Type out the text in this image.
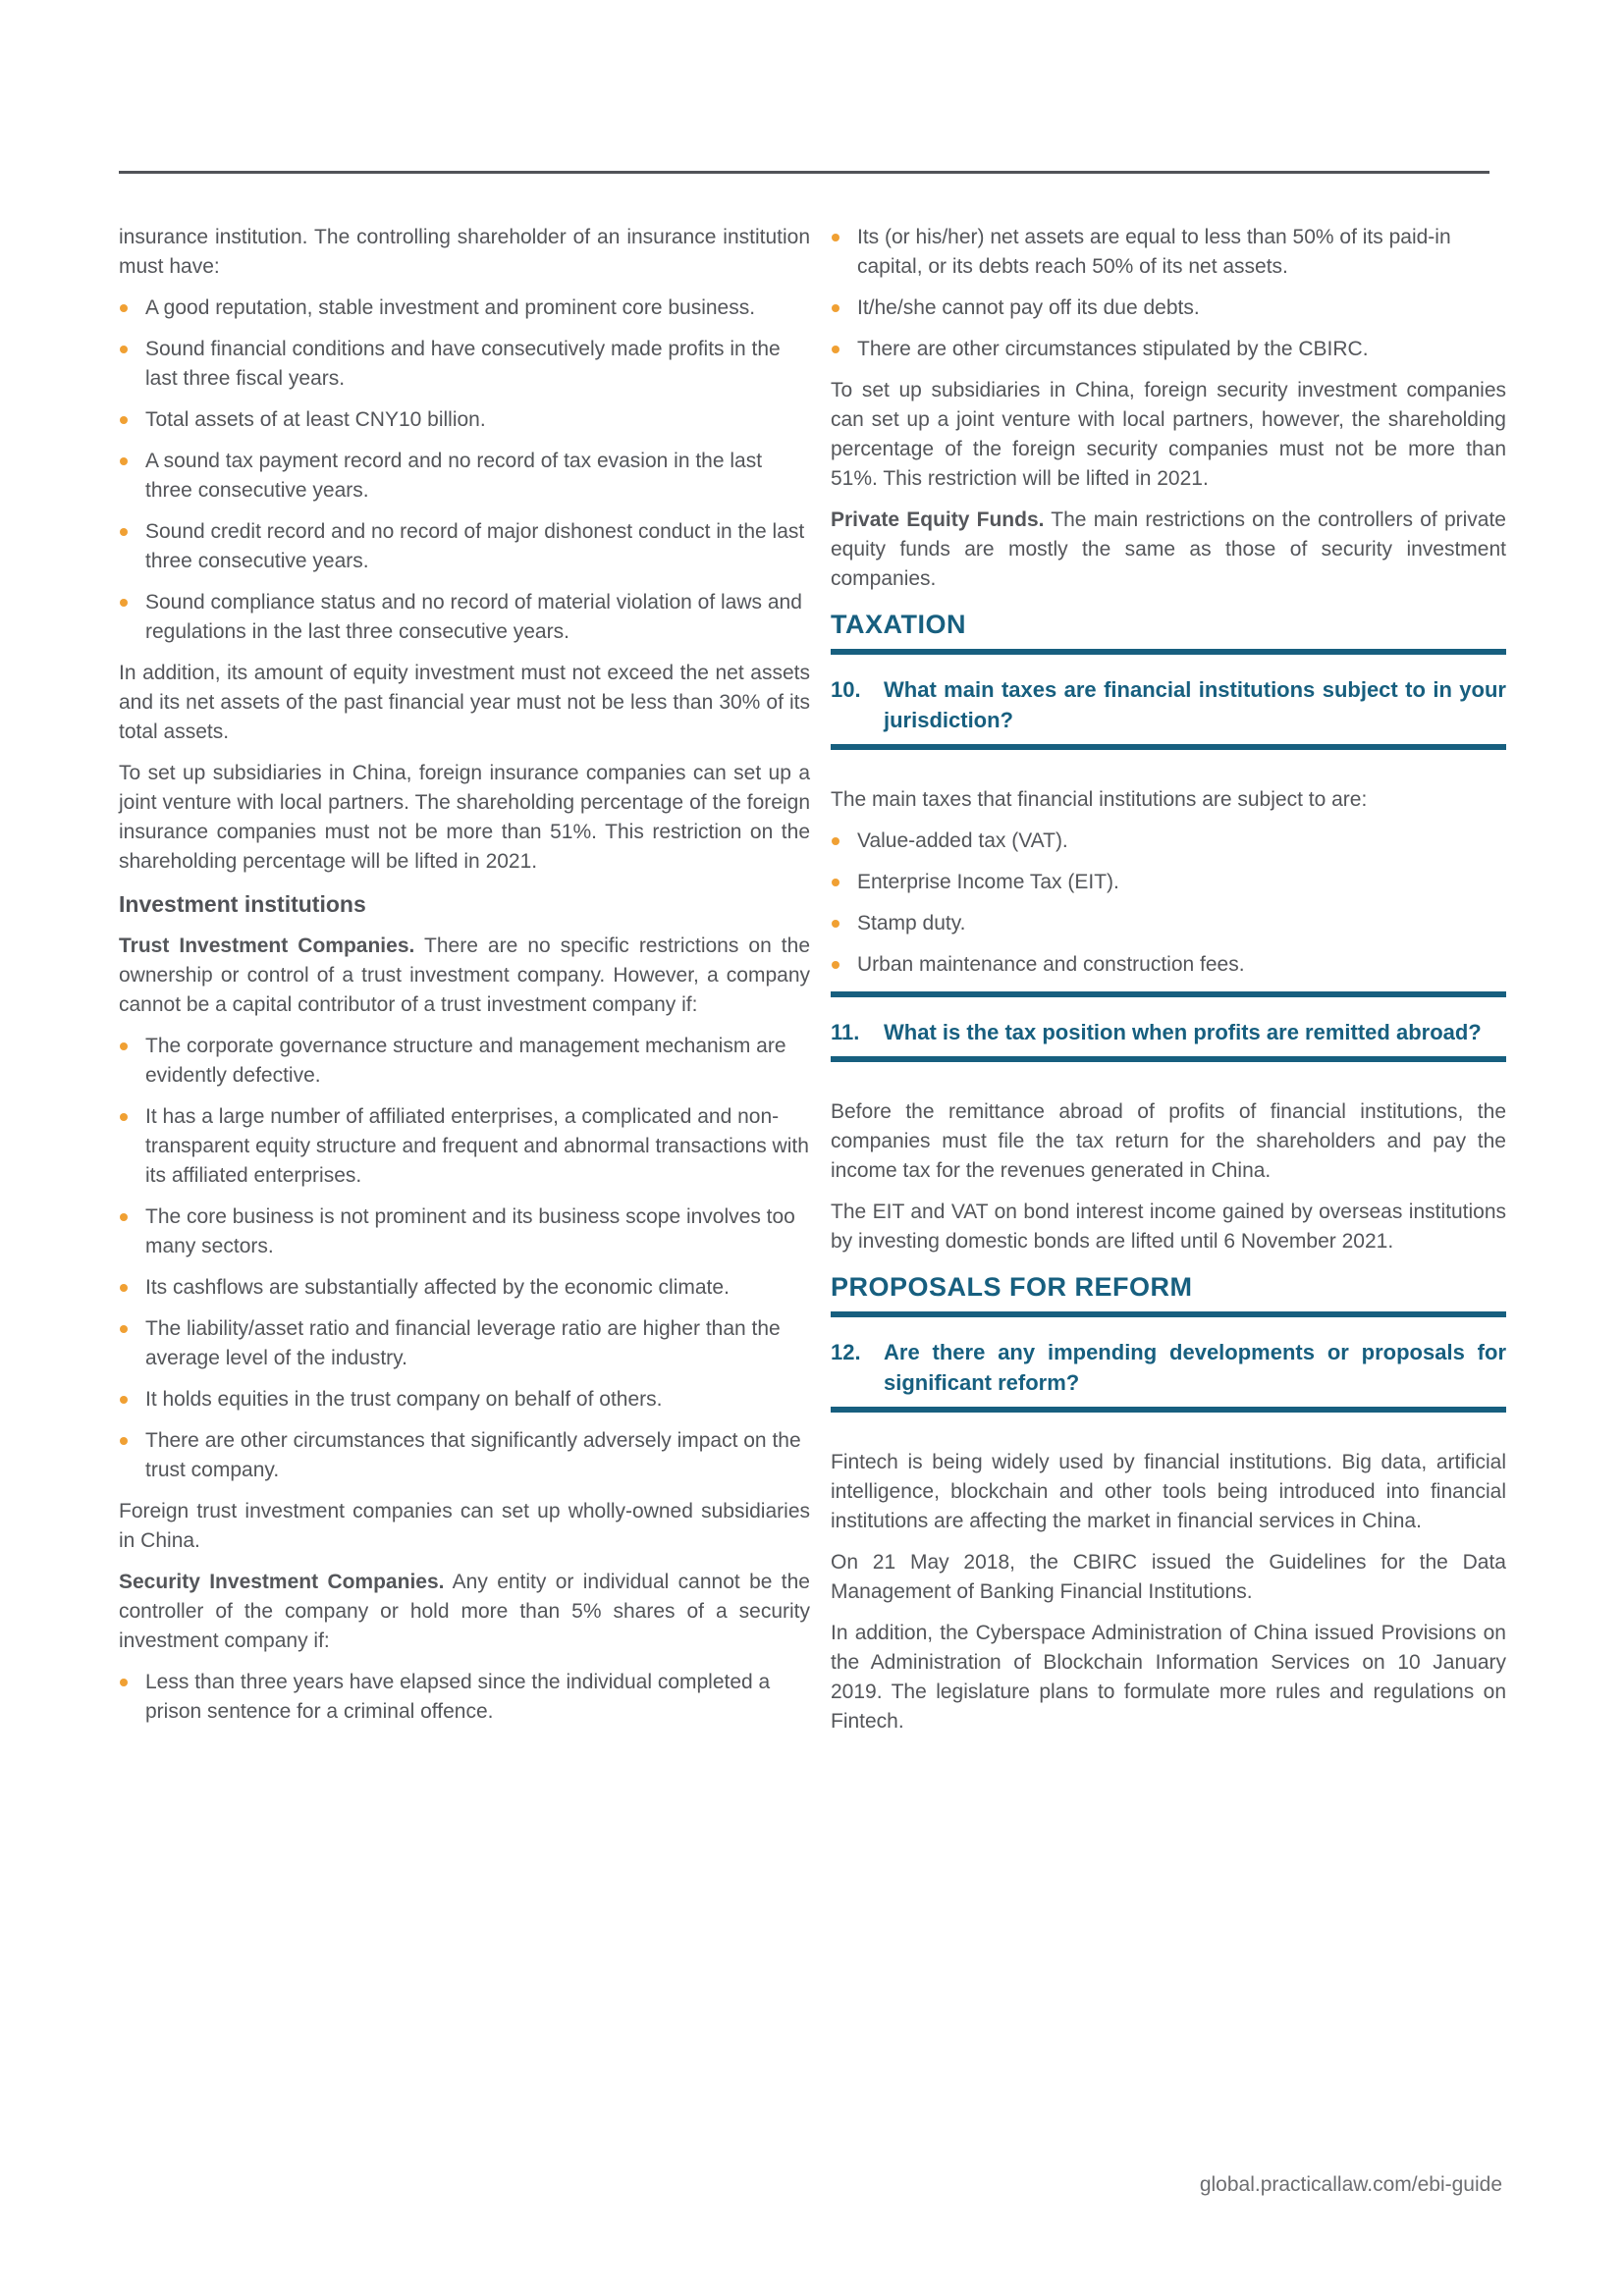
insurance institution. The controlling shareholder of an insurance institution must have:

A good reputation, stable investment and prominent core business.
Sound financial conditions and have consecutively made profits in the last three fiscal years.
Total assets of at least CNY10 billion.
A sound tax payment record and no record of tax evasion in the last three consecutive years.
Sound credit record and no record of major dishonest conduct in the last three consecutive years.
Sound compliance status and no record of material violation of laws and regulations in the last three consecutive years.

In addition, its amount of equity investment must not exceed the net assets and its net assets of the past financial year must not be less than 30% of its total assets.

To set up subsidiaries in China, foreign insurance companies can set up a joint venture with local partners. The shareholding percentage of the foreign insurance companies must not be more than 51%. This restriction on the shareholding percentage will be lifted in 2021.

Investment institutions

Trust Investment Companies. There are no specific restrictions on the ownership or control of a trust investment company. However, a company cannot be a capital contributor of a trust investment company if:

The corporate governance structure and management mechanism are evidently defective.
It has a large number of affiliated enterprises, a complicated and non-transparent equity structure and frequent and abnormal transactions with its affiliated enterprises.
The core business is not prominent and its business scope involves too many sectors.
Its cashflows are substantially affected by the economic climate.
The liability/asset ratio and financial leverage ratio are higher than the average level of the industry.
It holds equities in the trust company on behalf of others.
There are other circumstances that significantly adversely impact on the trust company.

Foreign trust investment companies can set up wholly-owned subsidiaries in China.

Security Investment Companies. Any entity or individual cannot be the controller of the company or hold more than 5% shares of a security investment company if:

Less than three years have elapsed since the individual completed a prison sentence for a criminal offence.
Its (or his/her) net assets are equal to less than 50% of its paid-in capital, or its debts reach 50% of its net assets.
It/he/she cannot pay off its due debts.
There are other circumstances stipulated by the CBIRC.

To set up subsidiaries in China, foreign security investment companies can set up a joint venture with local partners, however, the shareholding percentage of the foreign security companies must not be more than 51%. This restriction will be lifted in 2021.

Private Equity Funds. The main restrictions on the controllers of private equity funds are mostly the same as those of security investment companies.

TAXATION
10.	What main taxes are financial institutions subject to in your jurisdiction?

The main taxes that financial institutions are subject to are:

Value-added tax (VAT).
Enterprise Income Tax (EIT).
Stamp duty.
Urban maintenance and construction fees.
11.	What is the tax position when profits are remitted abroad?

Before the remittance abroad of profits of financial institutions, the companies must file the tax return for the shareholders and pay the income tax for the revenues generated in China.

The EIT and VAT on bond interest income gained by overseas institutions by investing domestic bonds are lifted until 6 November 2021.

PROPOSALS FOR REFORM
12.	Are there any impending developments or proposals for significant reform?

Fintech is being widely used by financial institutions. Big data, artificial intelligence, blockchain and other tools being introduced into financial institutions are affecting the market in financial services in China.

On 21 May 2018, the CBIRC issued the Guidelines for the Data Management of Banking Financial Institutions.

In addition, the Cyberspace Administration of China issued Provisions on the Administration of Blockchain Information Services on 10 January 2019. The legislature plans to formulate more rules and regulations on Fintech.

global.practicallaw.com/ebi-guide
